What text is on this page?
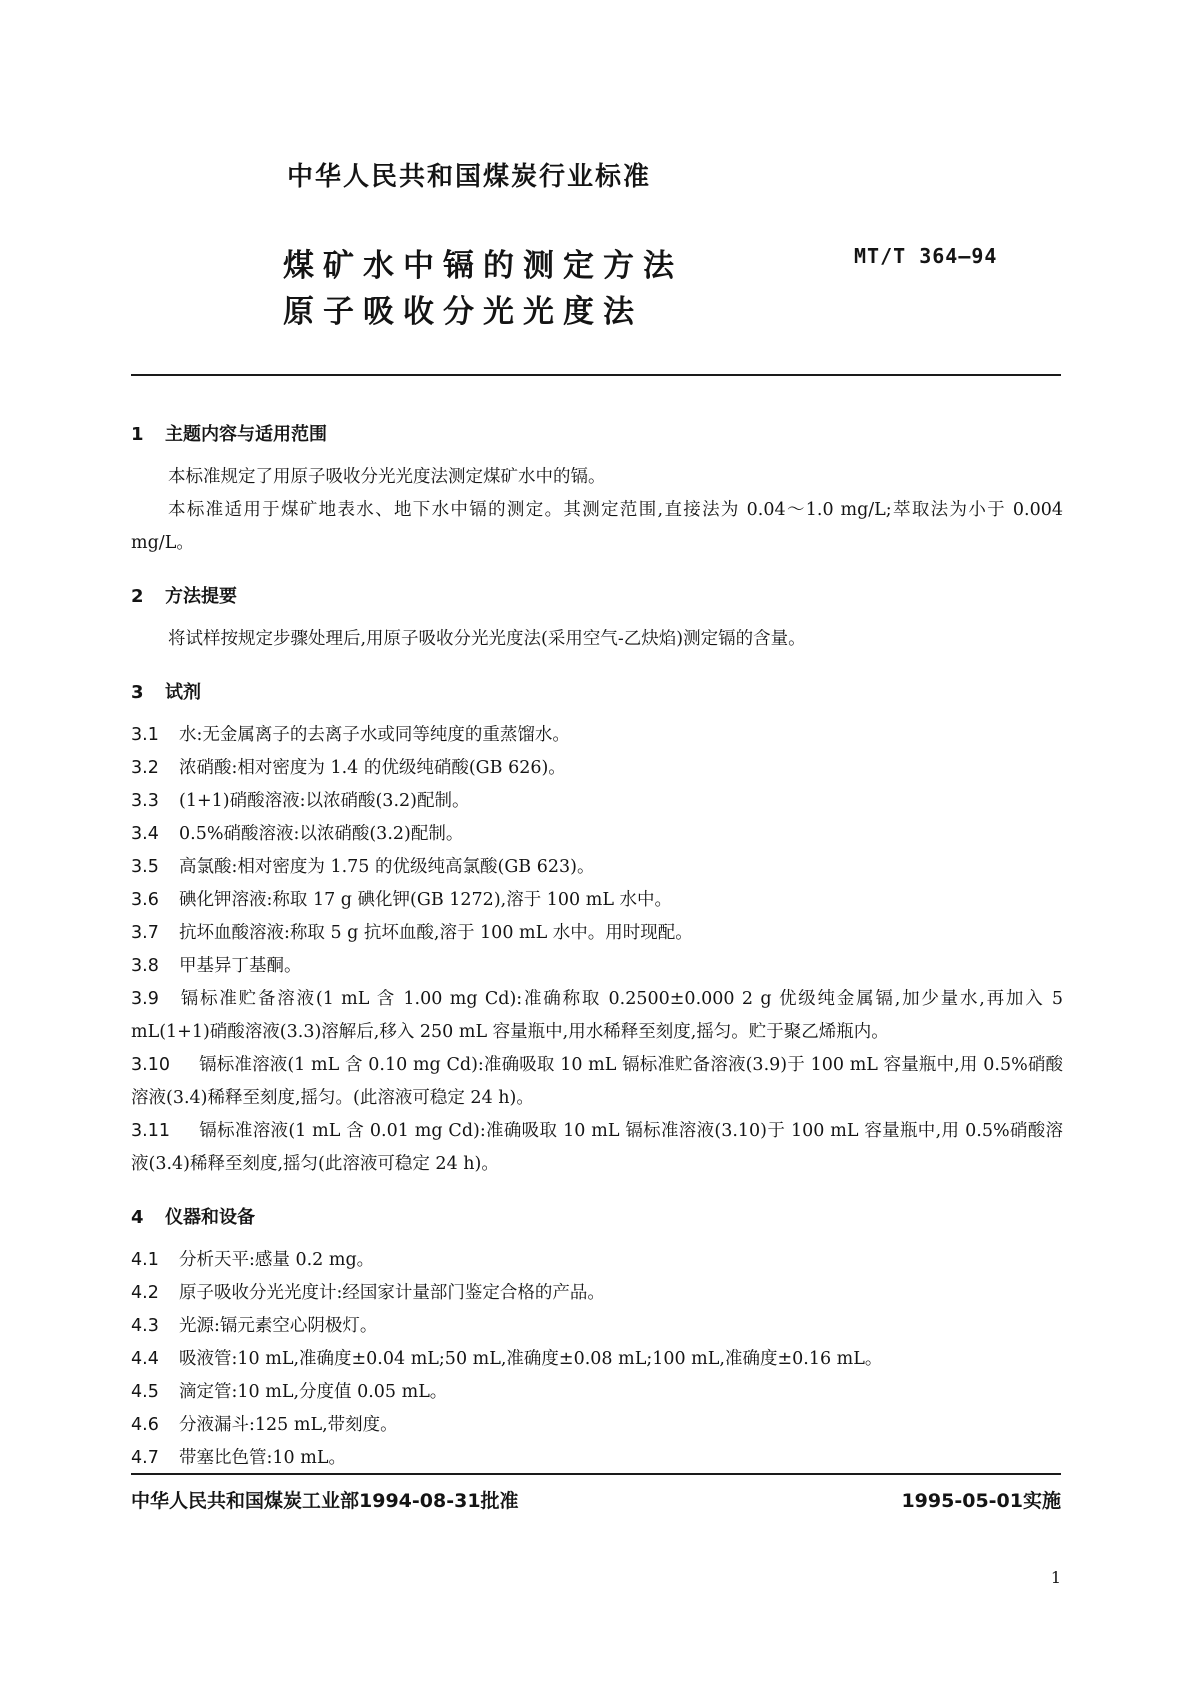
中华人民共和国煤炭行业标准
煤矿水中镉的测定方法
原子吸收分光光度法
MT/T 364—94
1 主题内容与适用范围

本标准规定了用原子吸收分光光度法测定煤矿水中的镉。

本标准适用于煤矿地表水、地下水中镉的测定。其测定范围,直接法为 0.04～1.0 mg/L;萃取法为小于 0.004 mg/L。

2 方法提要

将试样按规定步骤处理后,用原子吸收分光光度法(采用空气-乙炔焰)测定镉的含量。

3 试剂

3.1 水:无金属离子的去离子水或同等纯度的重蒸馏水。

3.2 浓硝酸:相对密度为 1.4 的优级纯硝酸(GB 626)。

3.3 (1+1)硝酸溶液:以浓硝酸(3.2)配制。

3.4 0.5%硝酸溶液:以浓硝酸(3.2)配制。

3.5 高氯酸:相对密度为 1.75 的优级纯高氯酸(GB 623)。

3.6 碘化钾溶液:称取 17 g 碘化钾(GB 1272),溶于 100 mL 水中。

3.7 抗坏血酸溶液:称取 5 g 抗坏血酸,溶于 100 mL 水中。用时现配。

3.8 甲基异丁基酮。

3.9 镉标准贮备溶液(1 mL 含 1.00 mg Cd):准确称取 0.2500±0.000 2 g 优级纯金属镉,加少量水,再加入 5 mL(1+1)硝酸溶液(3.3)溶解后,移入 250 mL 容量瓶中,用水稀释至刻度,摇匀。贮于聚乙烯瓶内。

3.10 镉标准溶液(1 mL 含 0.10 mg Cd):准确吸取 10 mL 镉标准贮备溶液(3.9)于 100 mL 容量瓶中,用 0.5%硝酸溶液(3.4)稀释至刻度,摇匀。(此溶液可稳定 24 h)。

3.11 镉标准溶液(1 mL 含 0.01 mg Cd):准确吸取 10 mL 镉标准溶液(3.10)于 100 mL 容量瓶中,用 0.5%硝酸溶液(3.4)稀释至刻度,摇匀(此溶液可稳定 24 h)。

4 仪器和设备

4.1 分析天平:感量 0.2 mg。

4.2 原子吸收分光光度计:经国家计量部门鉴定合格的产品。

4.3 光源:镉元素空心阴极灯。

4.4 吸液管:10 mL,准确度±0.04 mL;50 mL,准确度±0.08 mL;100 mL,准确度±0.16 mL。

4.5 滴定管:10 mL,分度值 0.05 mL。

4.6 分液漏斗:125 mL,带刻度。

4.7 带塞比色管:10 mL。

中华人民共和国煤炭工业部1994-08-31批准	1995-05-01实施
1
